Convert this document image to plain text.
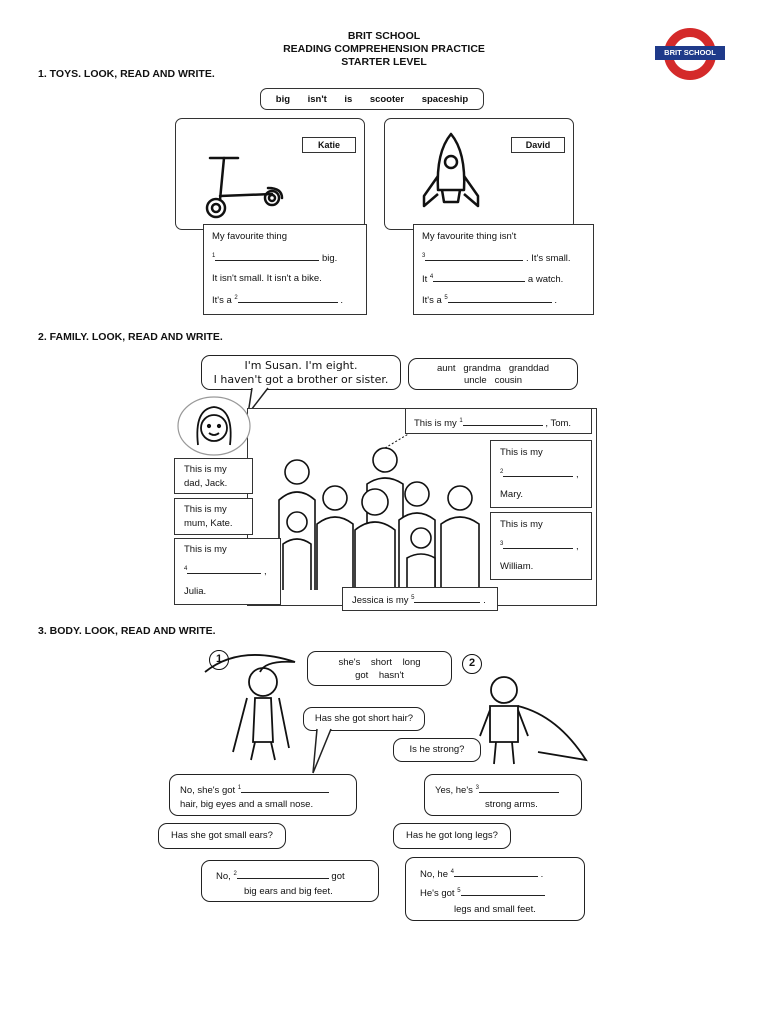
BRIT SCHOOL
READING COMPREHENSION PRACTICE
STARTER LEVEL
BRIT SCHOOL
1. TOYS. LOOK, READ AND WRITE.
big isn't is scooter spaceship
Katie
My favourite thing
$^1$	big.
It isn't small. It isn't a bike.
It's a $^2$	.
David
My favourite thing isn't
$^3$	. It's small.
It $^4$	a watch.
It's a $^5$	.
2. FAMILY. LOOK, READ AND WRITE.
I'm Susan. I'm eight.
I haven't got a brother or sister.
aunt   grandma   granddad
uncle   cousin
This is my $^1$	, Tom.
This is my
dad, Jack.
This is my
mum, Kate.
This is my
$^4$	,
Julia.
This is my
$^2$	,
Mary.
This is my
$^3$	,
William.
Jessica is my $^5$	.
3. BODY. LOOK, READ AND WRITE.
1	2
she's    short    long
got    hasn't
Has she got short hair?
Is he strong?
No, she's got $^1$
hair, big eyes and a small nose.
Yes, he's $^3$
strong arms.
Has she got small ears?	Has he got long legs?
No, $^2$	got
big ears and big feet.
No, he $^4$	.
He's got $^5$
legs and small feet.
